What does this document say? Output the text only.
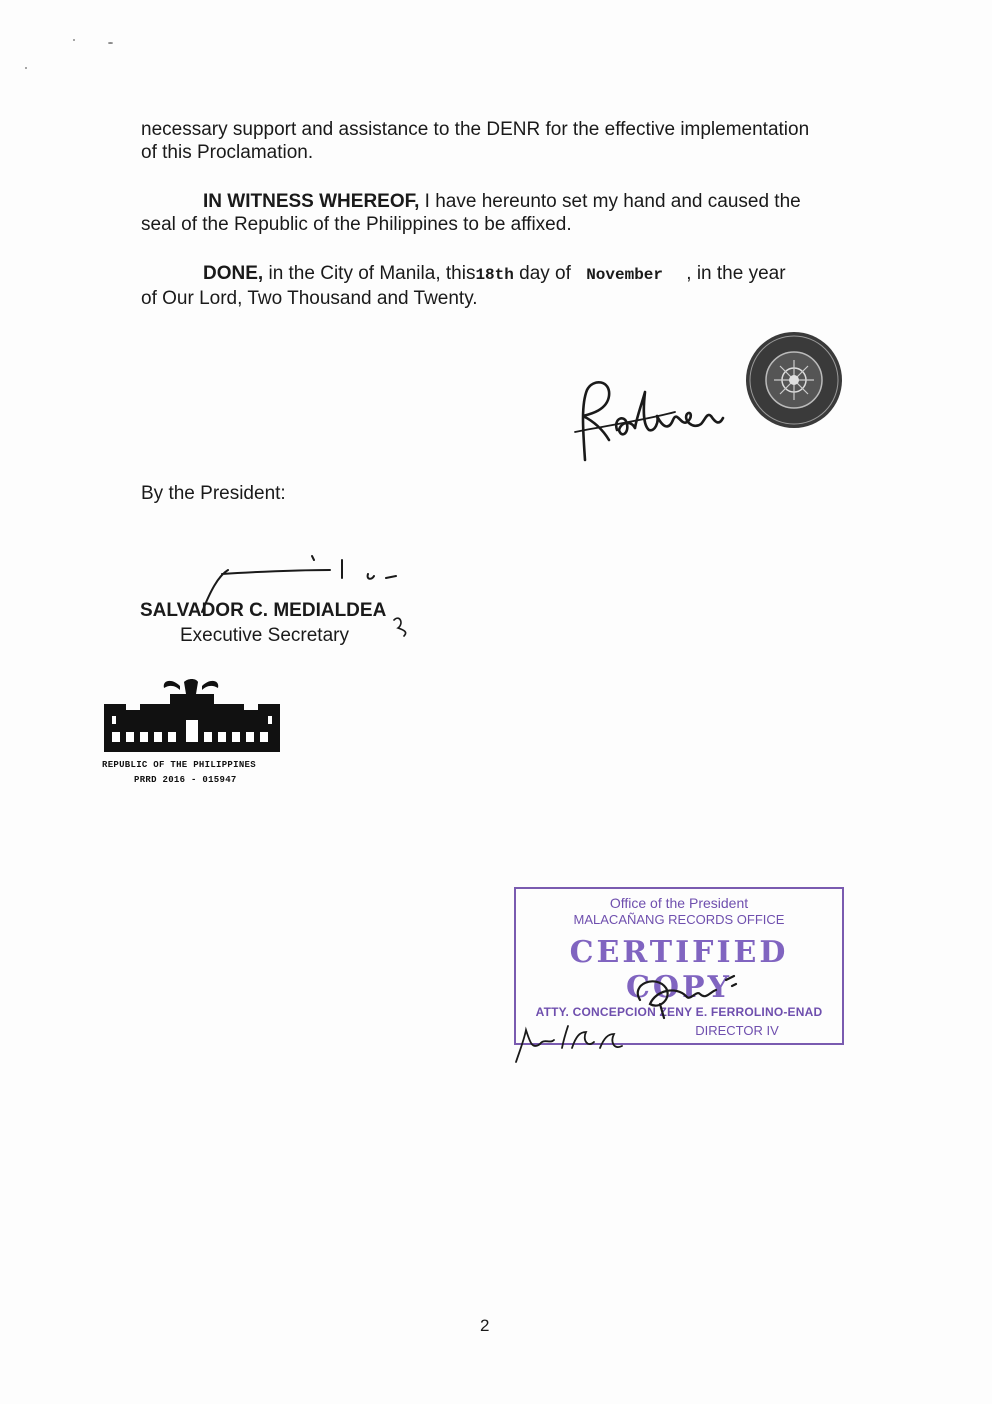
necessary support and assistance to the DENR for the effective implementation
of this Proclamation.
IN WITNESS WHEREOF, I have hereunto set my hand and caused the
seal of the Republic of the Philippines to be affixed.
DONE, in the City of Manila, this18th day of November , in the year
of Our Lord, Two Thousand and Twenty.
By the President:
SALVADOR C. MEDIALDEA
Executive Secretary
REPUBLIC OF THE PHILIPPINES
PRRD 2016 - 015947
Office of the President
MALACAÑANG RECORDS OFFICE
CERTIFIED COPY
ATTY. CONCEPCION ZENY E. FERROLINO-ENAD
DIRECTOR IV
2
